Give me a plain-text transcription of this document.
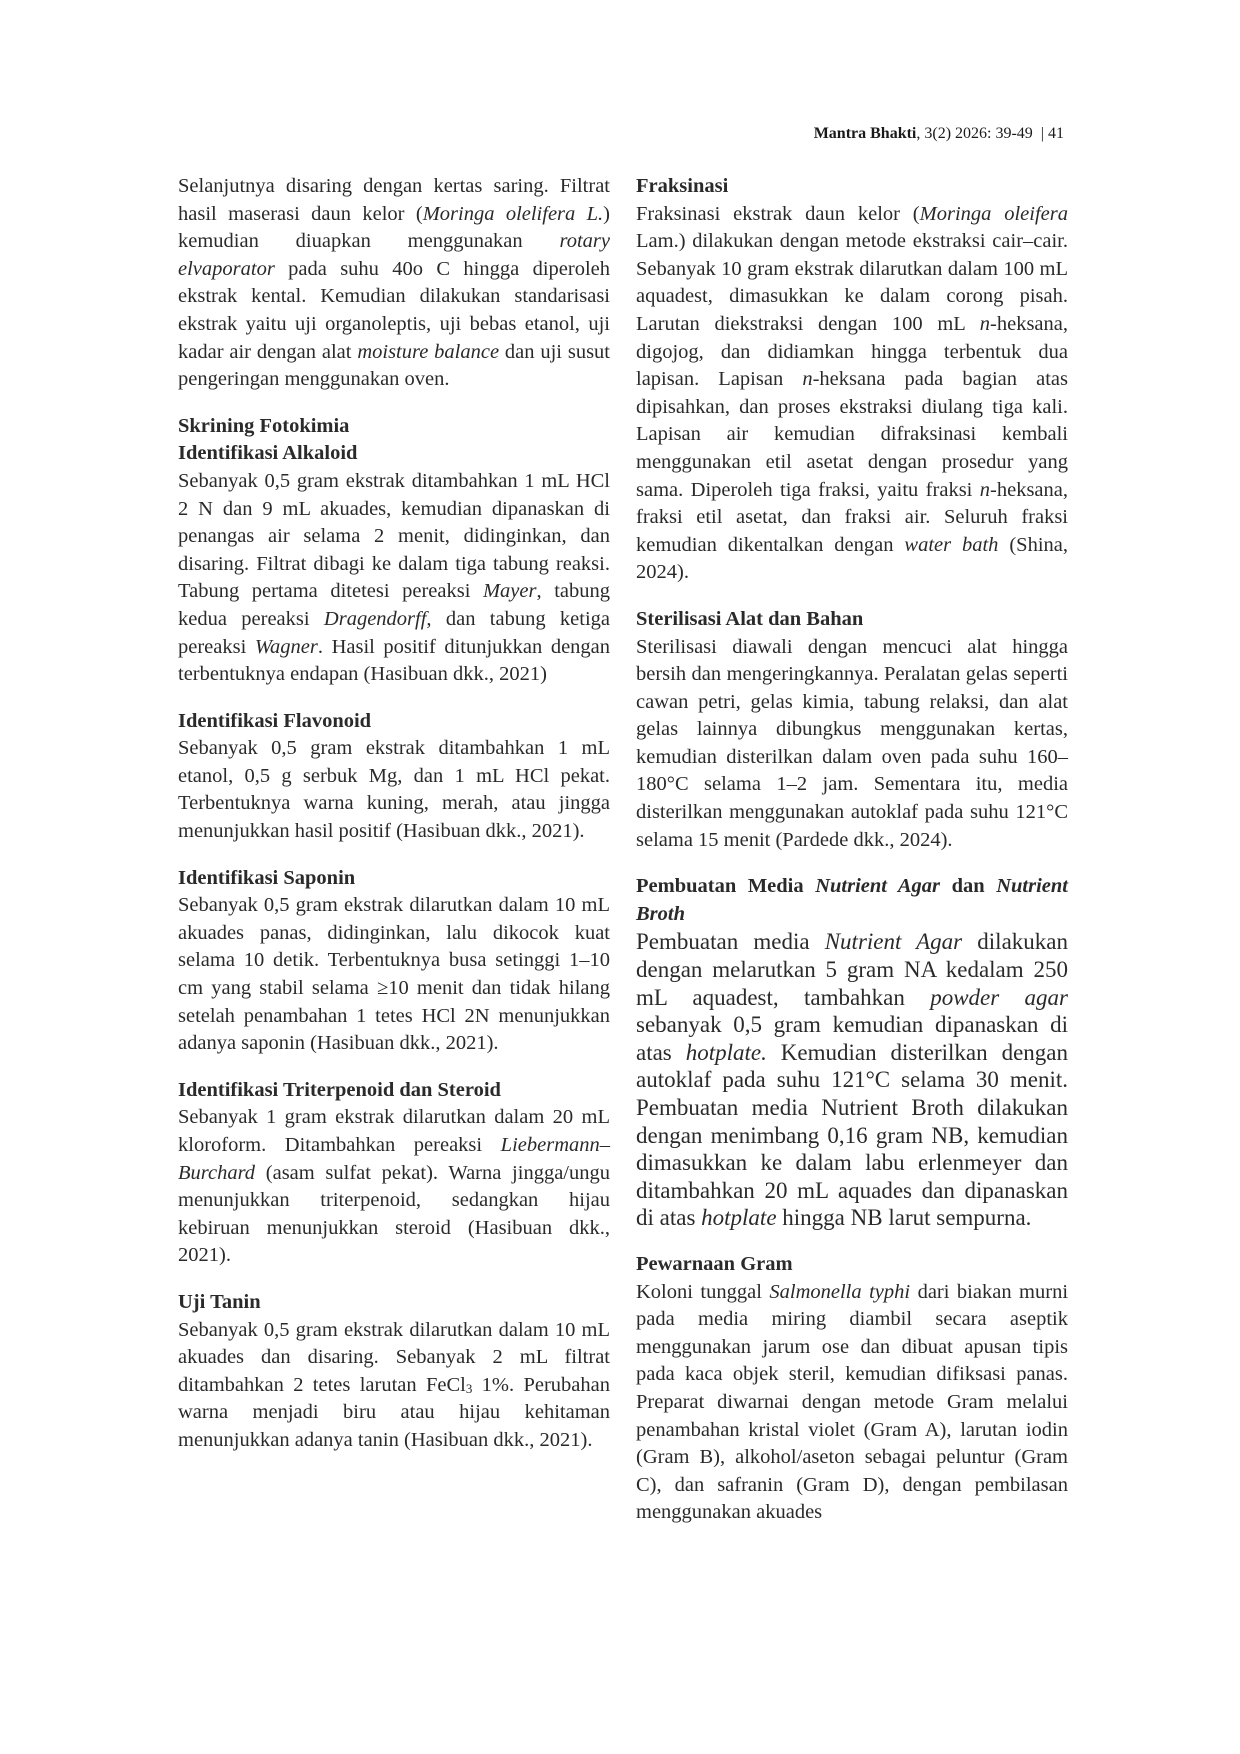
Mantra Bhakti, 3(2) 2026: 39-49  | 41

Selanjutnya disaring dengan kertas saring. Filtrat hasil maserasi daun kelor (Moringa olelifera L.) kemudian diuapkan menggunakan rotary elvaporator pada suhu 40o C hingga diperoleh ekstrak kental. Kemudian dilakukan standarisasi ekstrak yaitu uji organoleptis, uji bebas etanol, uji kadar air dengan alat moisture balance dan uji susut pengeringan menggunakan oven.

Skrining Fotokimia
Identifikasi Alkaloid

Sebanyak 0,5 gram ekstrak ditambahkan 1 mL HCl 2 N dan 9 mL akuades, kemudian dipanaskan di penangas air selama 2 menit, didinginkan, dan disaring. Filtrat dibagi ke dalam tiga tabung reaksi. Tabung pertama ditetesi pereaksi Mayer, tabung kedua pereaksi Dragendorff, dan tabung ketiga pereaksi Wagner. Hasil positif ditunjukkan dengan terbentuknya endapan (Hasibuan dkk., 2021)

Identifikasi Flavonoid

Sebanyak 0,5 gram ekstrak ditambahkan 1 mL etanol, 0,5 g serbuk Mg, dan 1 mL HCl pekat. Terbentuknya warna kuning, merah, atau jingga menunjukkan hasil positif (Hasibuan dkk., 2021).

Identifikasi Saponin

Sebanyak 0,5 gram ekstrak dilarutkan dalam 10 mL akuades panas, didinginkan, lalu dikocok kuat selama 10 detik. Terbentuknya busa setinggi 1–10 cm yang stabil selama ≥10 menit dan tidak hilang setelah penambahan 1 tetes HCl 2N menunjukkan adanya saponin (Hasibuan dkk., 2021).

Identifikasi Triterpenoid dan Steroid

Sebanyak 1 gram ekstrak dilarutkan dalam 20 mL kloroform. Ditambahkan pereaksi Liebermann–Burchard (asam sulfat pekat). Warna jingga/ungu menunjukkan triterpenoid, sedangkan hijau kebiruan menunjukkan steroid (Hasibuan dkk., 2021).

Uji Tanin

Sebanyak 0,5 gram ekstrak dilarutkan dalam 10 mL akuades dan disaring. Sebanyak 2 mL filtrat ditambahkan 2 tetes larutan FeCl$_3$ 1%. Perubahan warna menjadi biru atau hijau kehitaman menunjukkan adanya tanin (Hasibuan dkk., 2021).

Fraksinasi

Fraksinasi ekstrak daun kelor (Moringa oleifera Lam.) dilakukan dengan metode ekstraksi cair–cair. Sebanyak 10 gram ekstrak dilarutkan dalam 100 mL aquadest, dimasukkan ke dalam corong pisah. Larutan diekstraksi dengan 100 mL n-heksana, digojog, dan didiamkan hingga terbentuk dua lapisan. Lapisan n-heksana pada bagian atas dipisahkan, dan proses ekstraksi diulang tiga kali. Lapisan air kemudian difraksinasi kembali menggunakan etil asetat dengan prosedur yang sama. Diperoleh tiga fraksi, yaitu fraksi n-heksana, fraksi etil asetat, dan fraksi air. Seluruh fraksi kemudian dikentalkan dengan water bath (Shina, 2024).

Sterilisasi Alat dan Bahan

Sterilisasi diawali dengan mencuci alat hingga bersih dan mengeringkannya. Peralatan gelas seperti cawan petri, gelas kimia, tabung relaksi, dan alat gelas lainnya dibungkus menggunakan kertas, kemudian disterilkan dalam oven pada suhu 160–180°C selama 1–2 jam. Sementara itu, media disterilkan menggunakan autoklaf pada suhu 121°C selama 15 menit (Pardede dkk., 2024).

Pembuatan Media Nutrient Agar dan Nutrient Broth

Pembuatan media Nutrient Agar dilakukan dengan melarutkan 5 gram NA kedalam 250 mL aquadest, tambahkan powder agar sebanyak 0,5 gram kemudian dipanaskan di atas hotplate. Kemudian disterilkan dengan autoklaf pada suhu 121°C selama 30 menit. Pembuatan media Nutrient Broth dilakukan dengan menimbang 0,16 gram NB, kemudian dimasukkan ke dalam labu erlenmeyer dan ditambahkan 20 mL aquades dan dipanaskan di atas hotplate hingga NB larut sempurna.

Pewarnaan Gram

Koloni tunggal Salmonella typhi dari biakan murni pada media miring diambil secara aseptik menggunakan jarum ose dan dibuat apusan tipis pada kaca objek steril, kemudian difiksasi panas. Preparat diwarnai dengan metode Gram melalui penambahan kristal violet (Gram A), larutan iodin (Gram B), alkohol/aseton sebagai peluntur (Gram C), dan safranin (Gram D), dengan pembilasan menggunakan akuades
